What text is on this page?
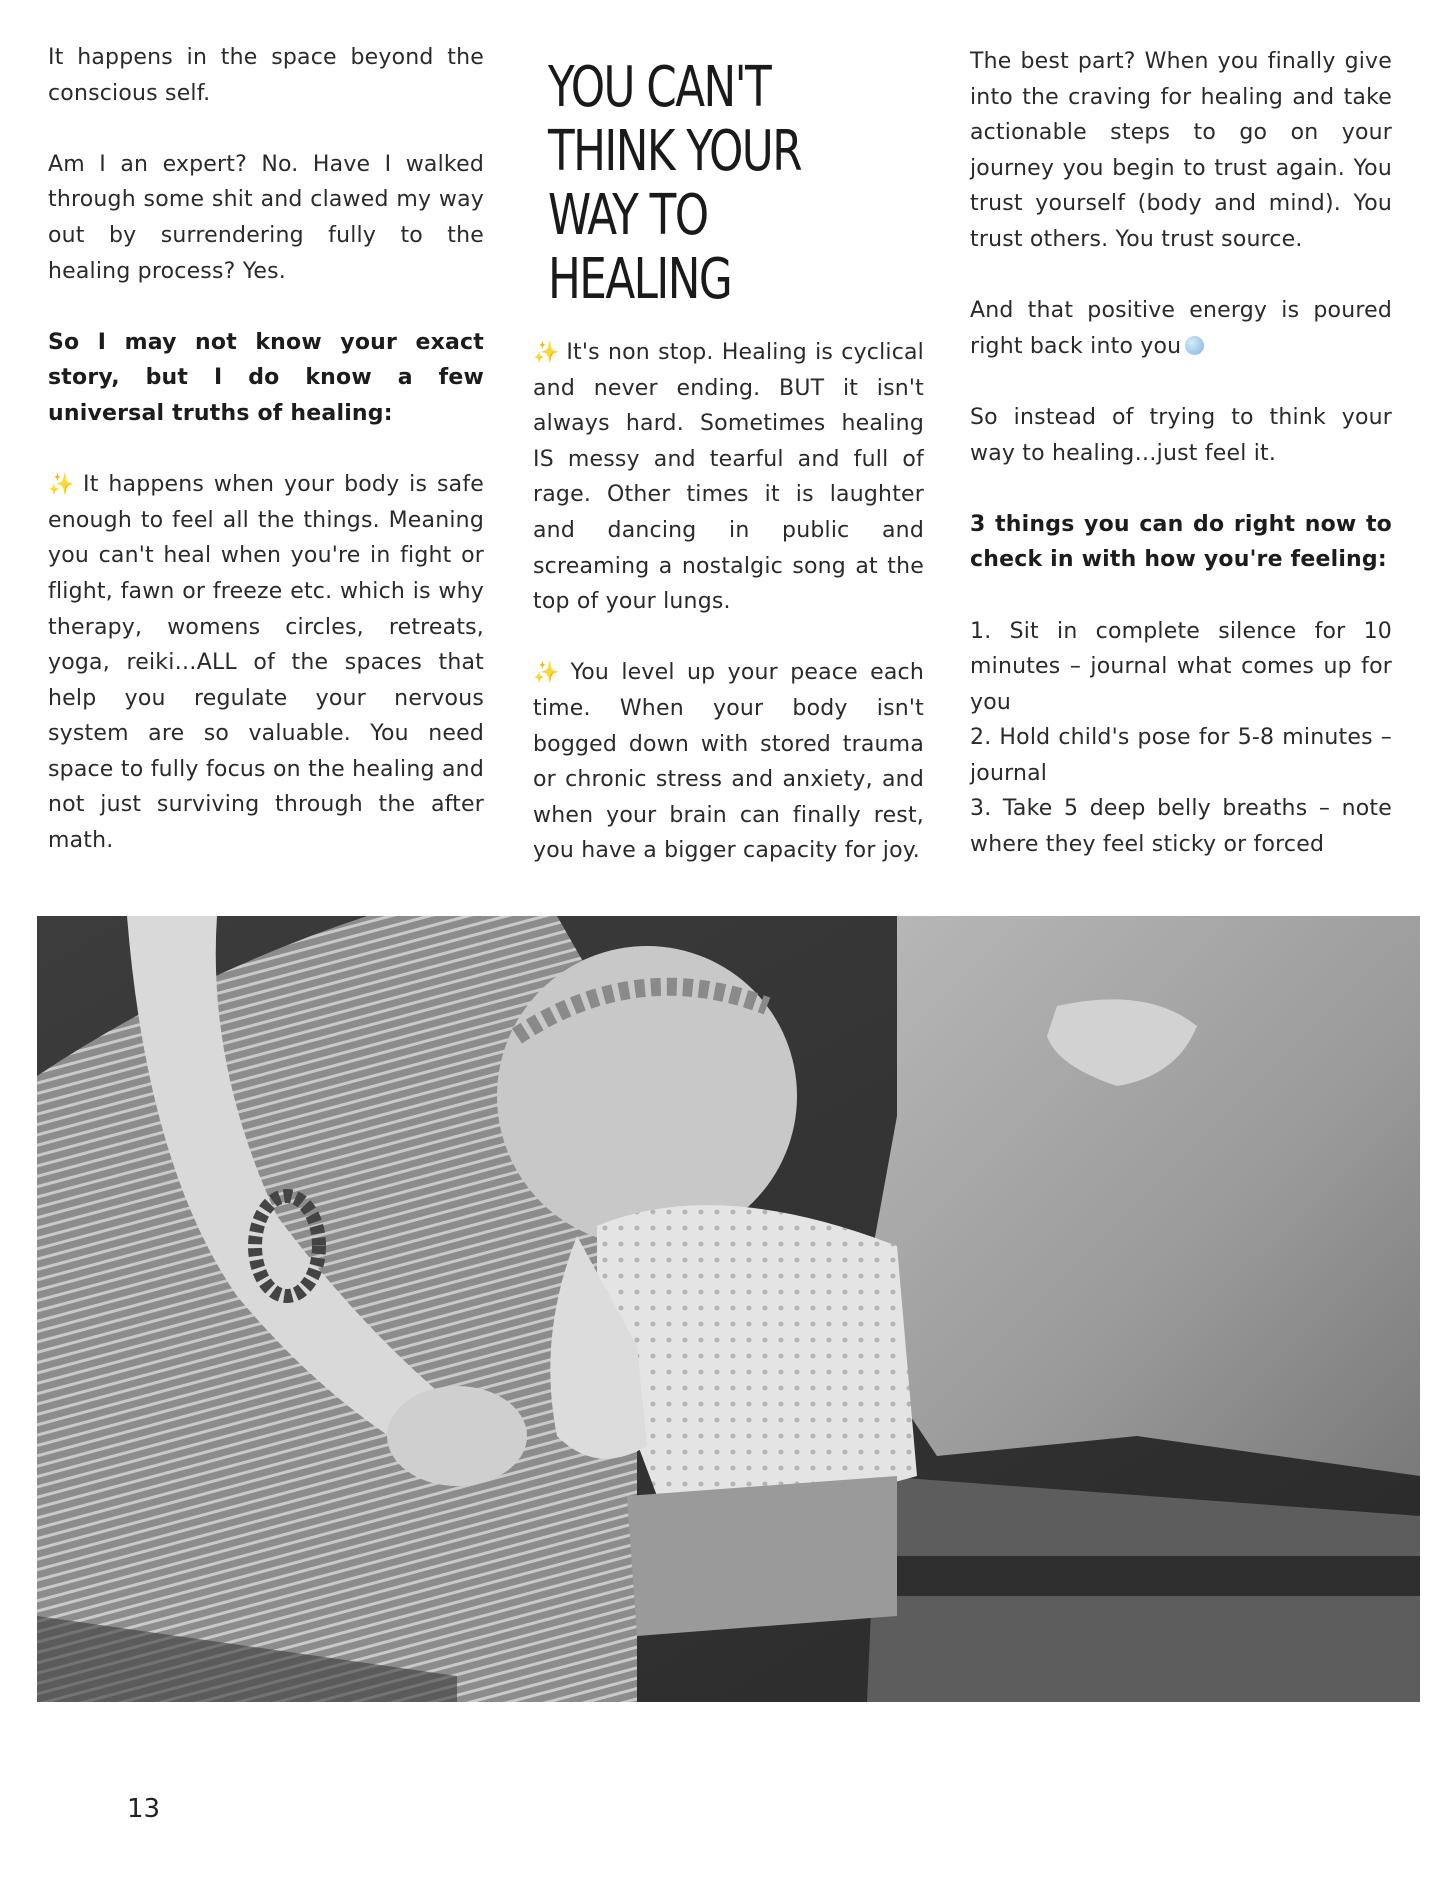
It happens in the space beyond the conscious self.

Am I an expert? No. Have I walked through some shit and clawed my way out by surrendering fully to the healing process? Yes.

So I may not know your exact story, but I do know a few universal truths of healing:

✨ It happens when your body is safe enough to feel all the things. Meaning you can't heal when you're in fight or flight, fawn or freeze etc. which is why therapy, womens circles, retreats, yoga, reiki…ALL of the spaces that help you regulate your nervous system are so valuable. You need space to fully focus on the healing and not just surviving through the after math.

YOU CAN'T
THINK YOUR
WAY TO
HEALING

✨ It's non stop. Healing is cyclical and never ending. BUT it isn't always hard. Sometimes healing IS messy and tearful and full of rage. Other times it is laughter and dancing in public and screaming a nostalgic song at the top of your lungs.

✨ You level up your peace each time. When your body isn't bogged down with stored trauma or chronic stress and anxiety, and when your brain can finally rest, you have a bigger capacity for joy.

The best part? When you finally give into the craving for healing and take actionable steps to go on your journey you begin to trust again. You trust yourself (body and mind). You trust others. You trust source.

And that positive energy is poured right back into you

So instead of trying to think your way to healing…just feel it.

3 things you can do right now to check in with how you're feeling:

1. Sit in complete silence for 10 minutes – journal what comes up for you
2. Hold child's pose for 5-8 minutes – journal
3. Take 5 deep belly breaths – note where they feel sticky or forced
13
